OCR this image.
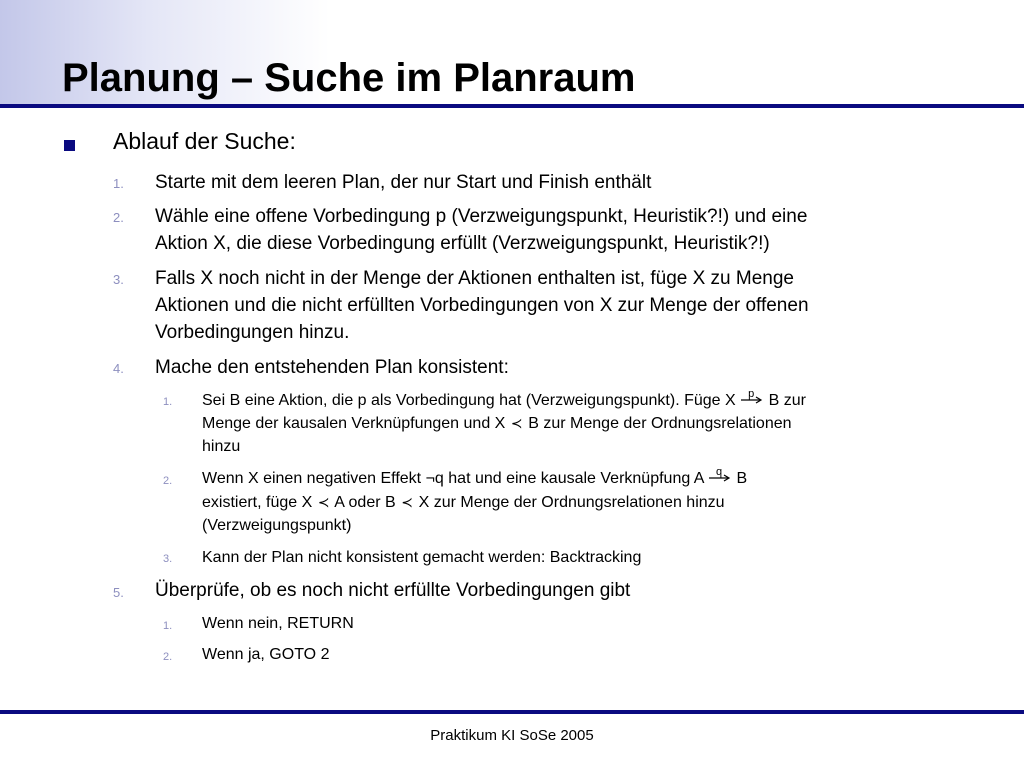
Planung – Suche im Planraum
Ablauf der Suche:
1. Starte mit dem leeren Plan, der nur Start und Finish enthält
2. Wähle eine offene Vorbedingung p (Verzweigungspunkt, Heuristik?!) und eine
Aktion X, die diese Vorbedingung erfüllt (Verzweigungspunkt, Heuristik?!)
3. Falls X noch nicht in der Menge der Aktionen enthalten ist, füge X zu Menge
Aktionen und die nicht erfüllten Vorbedingungen von X zur Menge der offenen
Vorbedingungen hinzu.
4. Mache den entstehenden Plan konsistent:
1. Sei B eine Aktion, die p als Vorbedingung hat (Verzweigungspunkt). Füge X p B zur
Menge der kausalen Verknüpfungen und X ≺ B zur Menge der Ordnungsrelationen
hinzu
2. Wenn X einen negativen Effekt ¬q hat und eine kausale Verknüpfung A q B
existiert, füge X ≺ A oder B ≺ X zur Menge der Ordnungsrelationen hinzu
(Verzweigungspunkt)
3. Kann der Plan nicht konsistent gemacht werden: Backtracking
5. Überprüfe, ob es noch nicht erfüllte Vorbedingungen gibt
1. Wenn nein, RETURN
2. Wenn ja, GOTO 2
Praktikum KI SoSe 2005
